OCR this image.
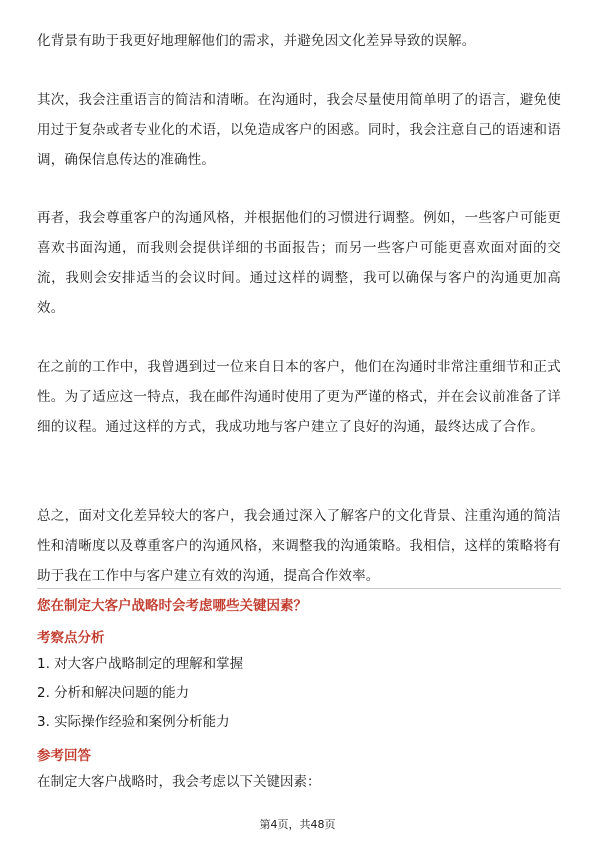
化背景有助于我更好地理解他们的需求，并避免因文化差异导致的误解。

其次，我会注重语言的简洁和清晰。在沟通时，我会尽量使用简单明了的语言，避免使用过于复杂或者专业化的术语，以免造成客户的困惑。同时，我会注意自己的语速和语调，确保信息传达的准确性。

再者，我会尊重客户的沟通风格，并根据他们的习惯进行调整。例如，一些客户可能更喜欢书面沟通，而我则会提供详细的书面报告；而另一些客户可能更喜欢面对面的交流，我则会安排适当的会议时间。通过这样的调整，我可以确保与客户的沟通更加高效。

在之前的工作中，我曾遇到过一位来自日本的客户，他们在沟通时非常注重细节和正式性。为了适应这一特点，我在邮件沟通时使用了更为严谨的格式，并在会议前准备了详细的议程。通过这样的方式，我成功地与客户建立了良好的沟通，最终达成了合作。

总之，面对文化差异较大的客户，我会通过深入了解客户的文化背景、注重沟通的简洁性和清晰度以及尊重客户的沟通风格，来调整我的沟通策略。我相信，这样的策略将有助于我在工作中与客户建立有效的沟通，提高合作效率。

您在制定大客户战略时会考虑哪些关键因素？

考察点分析

1. 对大客户战略制定的理解和掌握

2. 分析和解决问题的能力

3. 实际操作经验和案例分析能力

参考回答

在制定大客户战略时，我会考虑以下关键因素：

第4页，共48页
